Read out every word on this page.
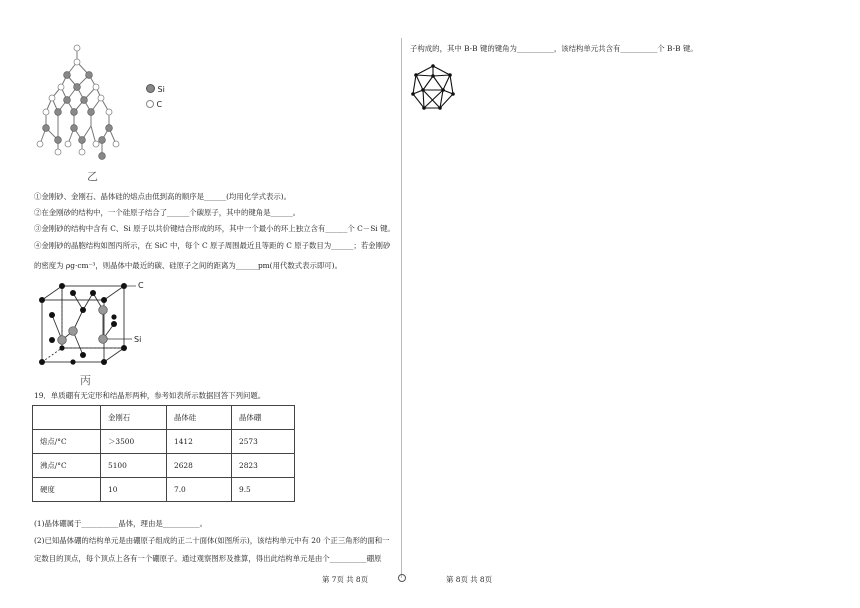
Si
C
乙
①金刚砂、金刚石、晶体硅的熔点由低到高的顺序是______(均用化学式表示)。
②在金刚砂的结构中，一个硅原子结合了______个碳原子，其中的键角是______。
③金刚砂的结构中含有 C、Si 原子以共价键结合形成的环，其中一个最小的环上独立含有______个 C－Si 键。
④金刚砂的晶胞结构如图丙所示，在 SiC 中，每个 C 原子周围最近且等距的 C 原子数目为______；若金刚砂
的密度为 ρg·cm⁻³，则晶体中最近的碳、硅原子之间的距离为______pm(用代数式表示即可)。
C
Si
丙
19．单质硼有无定形和结晶形两种，参考如表所示数据回答下列问题。
	金刚石	晶体硅	晶体硼
熔点/°C	＞3500	1412	2573
沸点/°C	5100	2628	2823
硬度	10	7.0	9.5
(1)晶体硼属于__________晶体，理由是__________。
(2)已知晶体硼的结构单元是由硼原子组成的正二十面体(如图所示)，该结构单元中有 20 个正三角形的面和一
定数目的顶点，每个顶点上各有一个硼原子。通过观察图形及推算，得出此结构单元是由个__________硼原
子构成的，其中 B-B 键的键角为__________，该结构单元共含有__________个 B-B 键。
第 7页 共 8页	第 8页 共 8页
